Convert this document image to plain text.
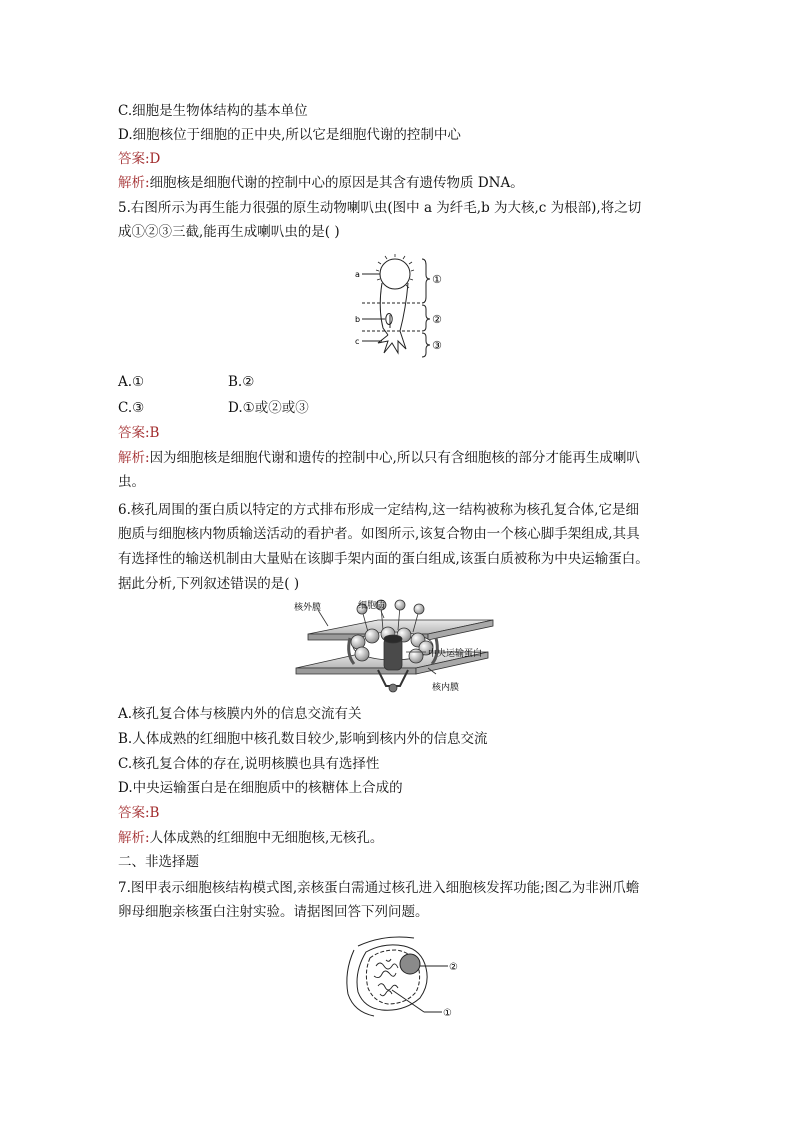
C.细胞是生物体结构的基本单位
D.细胞核位于细胞的正中央,所以它是细胞代谢的控制中心
答案:D
解析:细胞核是细胞代谢的控制中心的原因是其含有遗传物质 DNA。
5.右图所示为再生能力很强的原生动物喇叭虫(图中 a 为纤毛,b 为大核,c 为根部),将之切
成①②③三截,能再生成喇叭虫的是( )
a
b
c
①
②
③
A.①	B.②
C.③	D.①或②或③
答案:B
解析:因为细胞核是细胞代谢和遗传的控制中心,所以只有含细胞核的部分才能再生成喇叭
虫。
6.核孔周围的蛋白质以特定的方式排布形成一定结构,这一结构被称为核孔复合体,它是细
胞质与细胞核内物质输送活动的看护者。如图所示,该复合物由一个核心脚手架组成,其具
有选择性的输送机制由大量贴在该脚手架内面的蛋白组成,该蛋白质被称为中央运输蛋白。
据此分析,下列叙述错误的是( )
核外膜	细胞质
中央运输蛋白
核内膜
A.核孔复合体与核膜内外的信息交流有关
B.人体成熟的红细胞中核孔数目较少,影响到核内外的信息交流
C.核孔复合体的存在,说明核膜也具有选择性
D.中央运输蛋白是在细胞质中的核糖体上合成的
答案:B
解析:人体成熟的红细胞中无细胞核,无核孔。
二、非选择题
7.图甲表示细胞核结构模式图,亲核蛋白需通过核孔进入细胞核发挥功能;图乙为非洲爪蟾
卵母细胞亲核蛋白注射实验。请据图回答下列问题。
②
①
